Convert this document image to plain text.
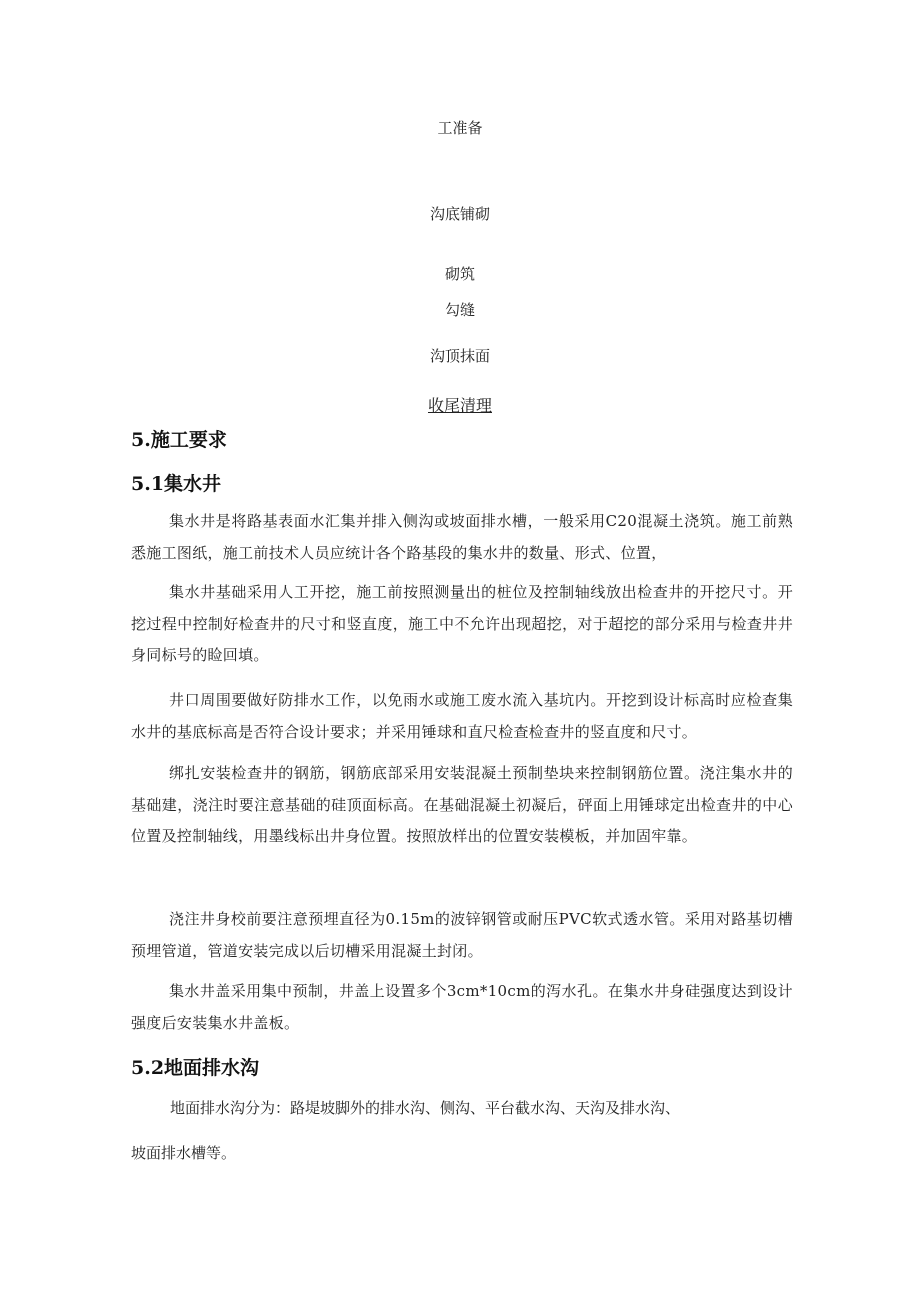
工准备
沟底铺砌
砌筑
勾缝
沟顶抹面
收尾清理
5.施工要求
5.1集水井
集水井是将路基表面水汇集并排入侧沟或坡面排水槽，一般采用C20混凝土浇筑。施工前熟悉施工图纸，施工前技术人员应统计各个路基段的集水井的数量、形式、位置，
集水井基础采用人工开挖，施工前按照测量出的桩位及控制轴线放出检查井的开挖尺寸。开挖过程中控制好检查井的尺寸和竖直度，施工中不允许出现超挖，对于超挖的部分采用与检查井井身同标号的睑回填。
井口周围要做好防排水工作，以免雨水或施工废水流入基坑内。开挖到设计标高时应检查集水井的基底标高是否符合设计要求；并采用锤球和直尺检查检查井的竖直度和尺寸。
绑扎安装检查井的钢筋，钢筋底部采用安装混凝土预制垫块来控制钢筋位置。浇注集水井的基础建，浇注时要注意基础的硅顶面标高。在基础混凝土初凝后，砰面上用锤球定出检查井的中心位置及控制轴线，用墨线标出井身位置。按照放样出的位置安装模板，并加固牢靠。
浇注井身校前要注意预埋直径为0.15m的波锌钢管或耐压PVC软式透水管。采用对路基切槽预埋管道，管道安装完成以后切槽采用混凝土封闭。
集水井盖采用集中预制，井盖上设置多个3cm*10cm的泻水孔。在集水井身硅强度达到设计强度后安装集水井盖板。
5.2地面排水沟
地面排水沟分为：路堤坡脚外的排水沟、侧沟、平台截水沟、天沟及排水沟、
坡面排水槽等。
